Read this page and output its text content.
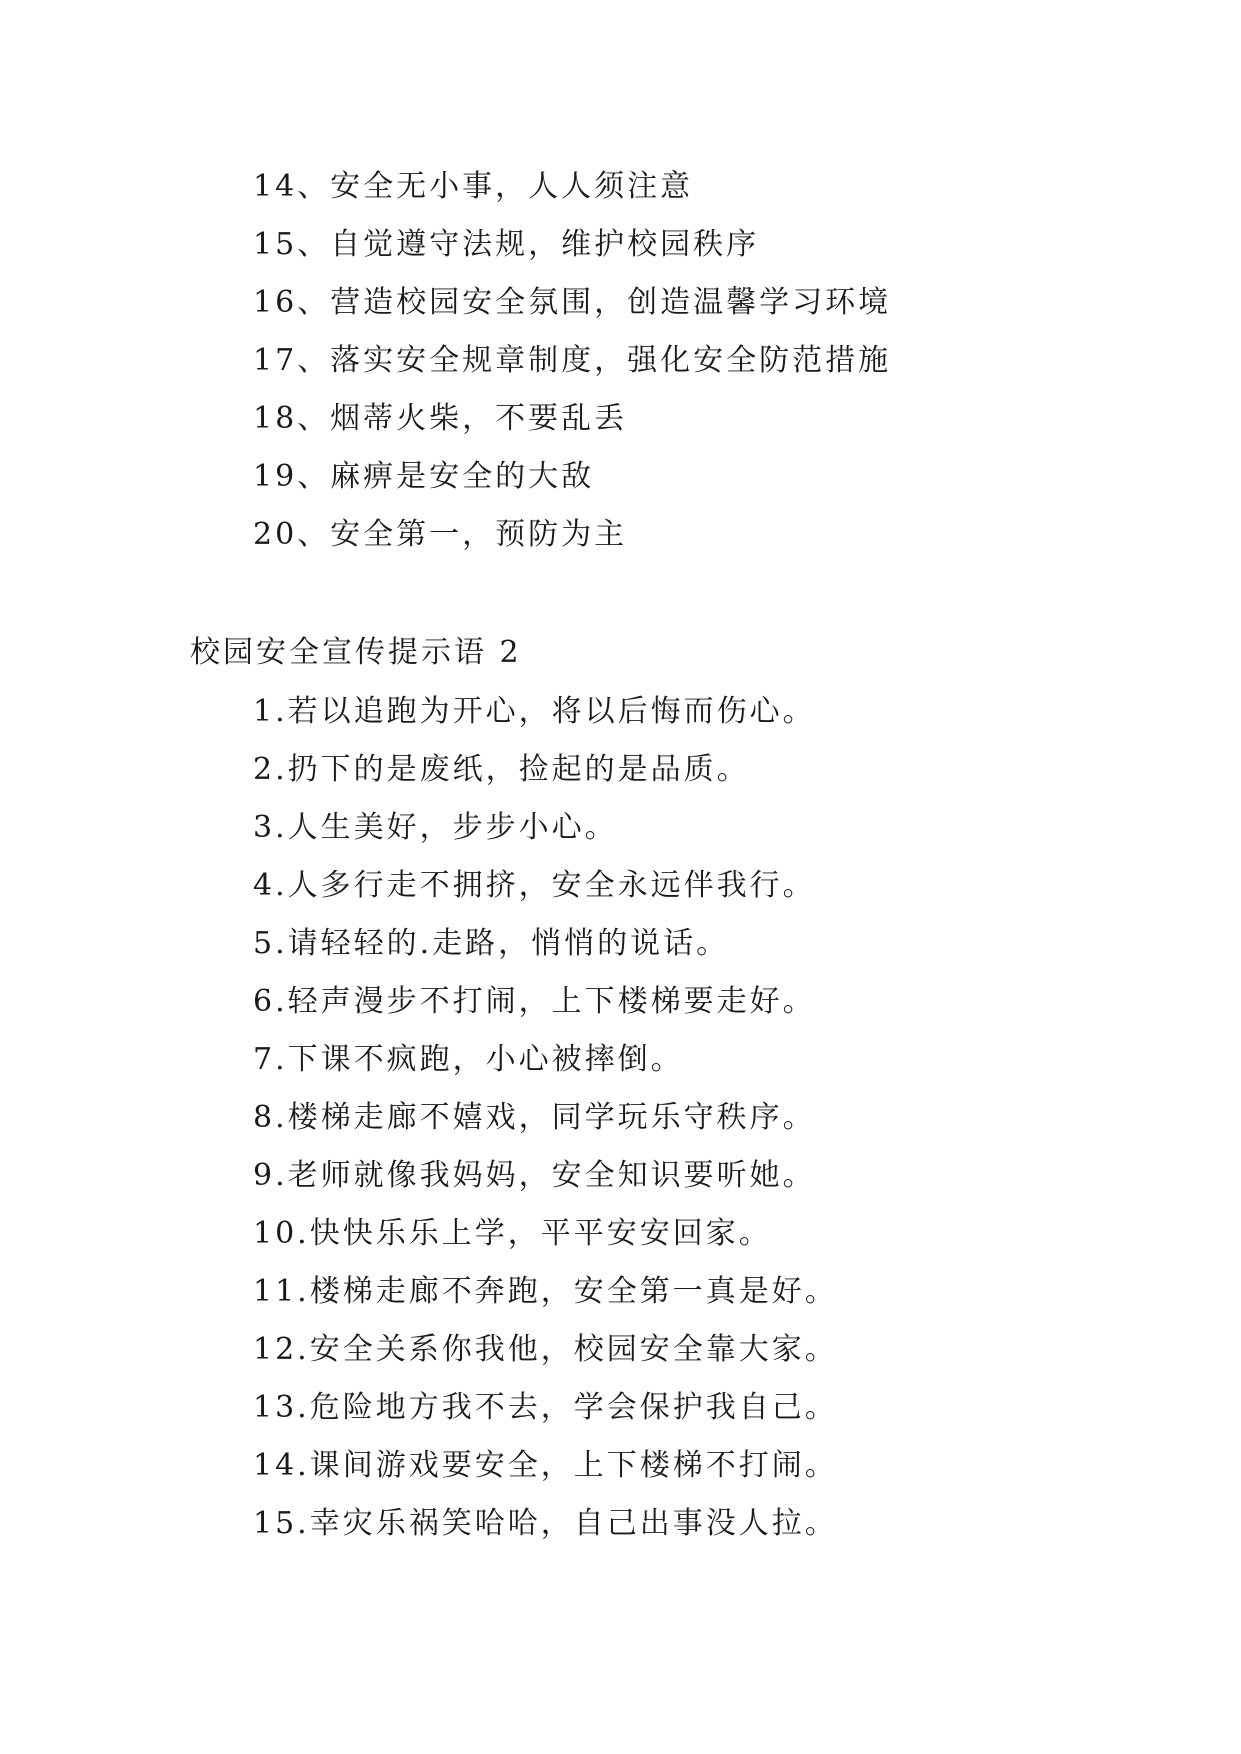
14、安全无小事，人人须注意
15、自觉遵守法规，维护校园秩序
16、营造校园安全氛围，创造温馨学习环境
17、落实安全规章制度，强化安全防范措施
18、烟蒂火柴，不要乱丢
19、麻痹是安全的大敌
20、安全第一，预防为主
校园安全宣传提示语 2
1.若以追跑为开心，将以后悔而伤心。
2.扔下的是废纸，捡起的是品质。
3.人生美好，步步小心。
4.人多行走不拥挤，安全永远伴我行。
5.请轻轻的.走路，悄悄的说话。
6.轻声漫步不打闹，上下楼梯要走好。
7.下课不疯跑，小心被摔倒。
8.楼梯走廊不嬉戏，同学玩乐守秩序。
9.老师就像我妈妈，安全知识要听她。
10.快快乐乐上学，平平安安回家。
11.楼梯走廊不奔跑，安全第一真是好。
12.安全关系你我他，校园安全靠大家。
13.危险地方我不去，学会保护我自己。
14.课间游戏要安全，上下楼梯不打闹。
15.幸灾乐祸笑哈哈，自己出事没人拉。
